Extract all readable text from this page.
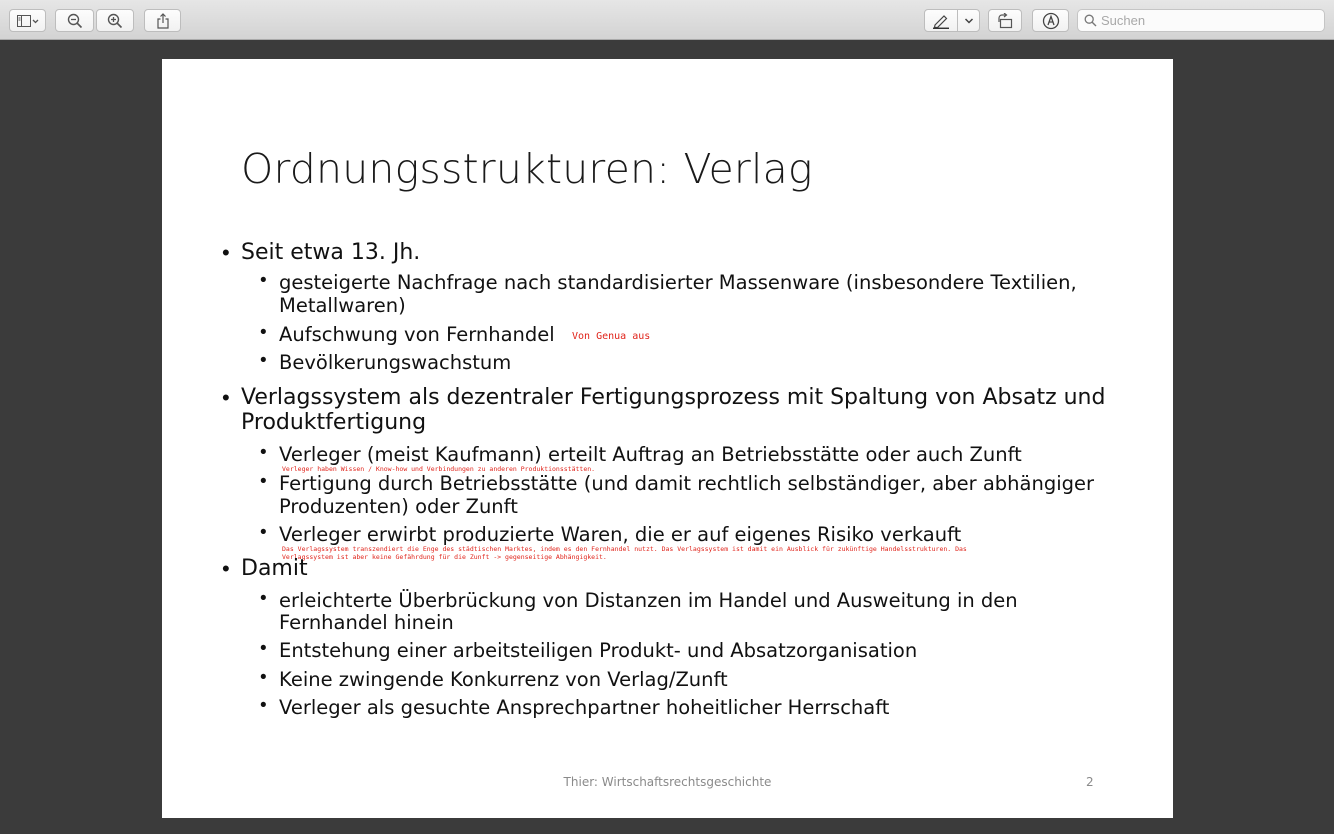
Suchen
Ordnungsstrukturen: Verlag
• Seit etwa 13. Jh.
• gesteigerte Nachfrage nach standardisierter Massenware (insbesondere Textilien,
Metallwaren)
• Aufschwung von Fernhandel Von Genua aus
• Bevölkerungswachstum
• Verlagssystem als dezentraler Fertigungsprozess mit Spaltung von Absatz und
Produktfertigung
• Verleger (meist Kaufmann) erteilt Auftrag an Betriebsstätte oder auch Zunft
Verleger haben Wissen / Know-how und Verbindungen zu anderen Produktionsstätten.
• Fertigung durch Betriebsstätte (und damit rechtlich selbständiger, aber abhängiger
Produzenten) oder Zunft
• Verleger erwirbt produzierte Waren, die er auf eigenes Risiko verkauft
Das Verlagssystem transzendiert die Enge des städtischen Marktes, indem es den Fernhandel nutzt. Das Verlagssystem ist damit ein Ausblick für zukünftige Handelsstrukturen. Das
Verlagssystem ist aber keine Gefährdung für die Zunft -> gegenseitige Abhängigkeit.
• Damit
• erleichterte Überbrückung von Distanzen im Handel und Ausweitung in den
Fernhandel hinein
• Entstehung einer arbeitsteiligen Produkt- und Absatzorganisation
• Keine zwingende Konkurrenz von Verlag/Zunft
• Verleger als gesuchte Ansprechpartner hoheitlicher Herrschaft
Thier: Wirtschaftsrechtsgeschichte	2
